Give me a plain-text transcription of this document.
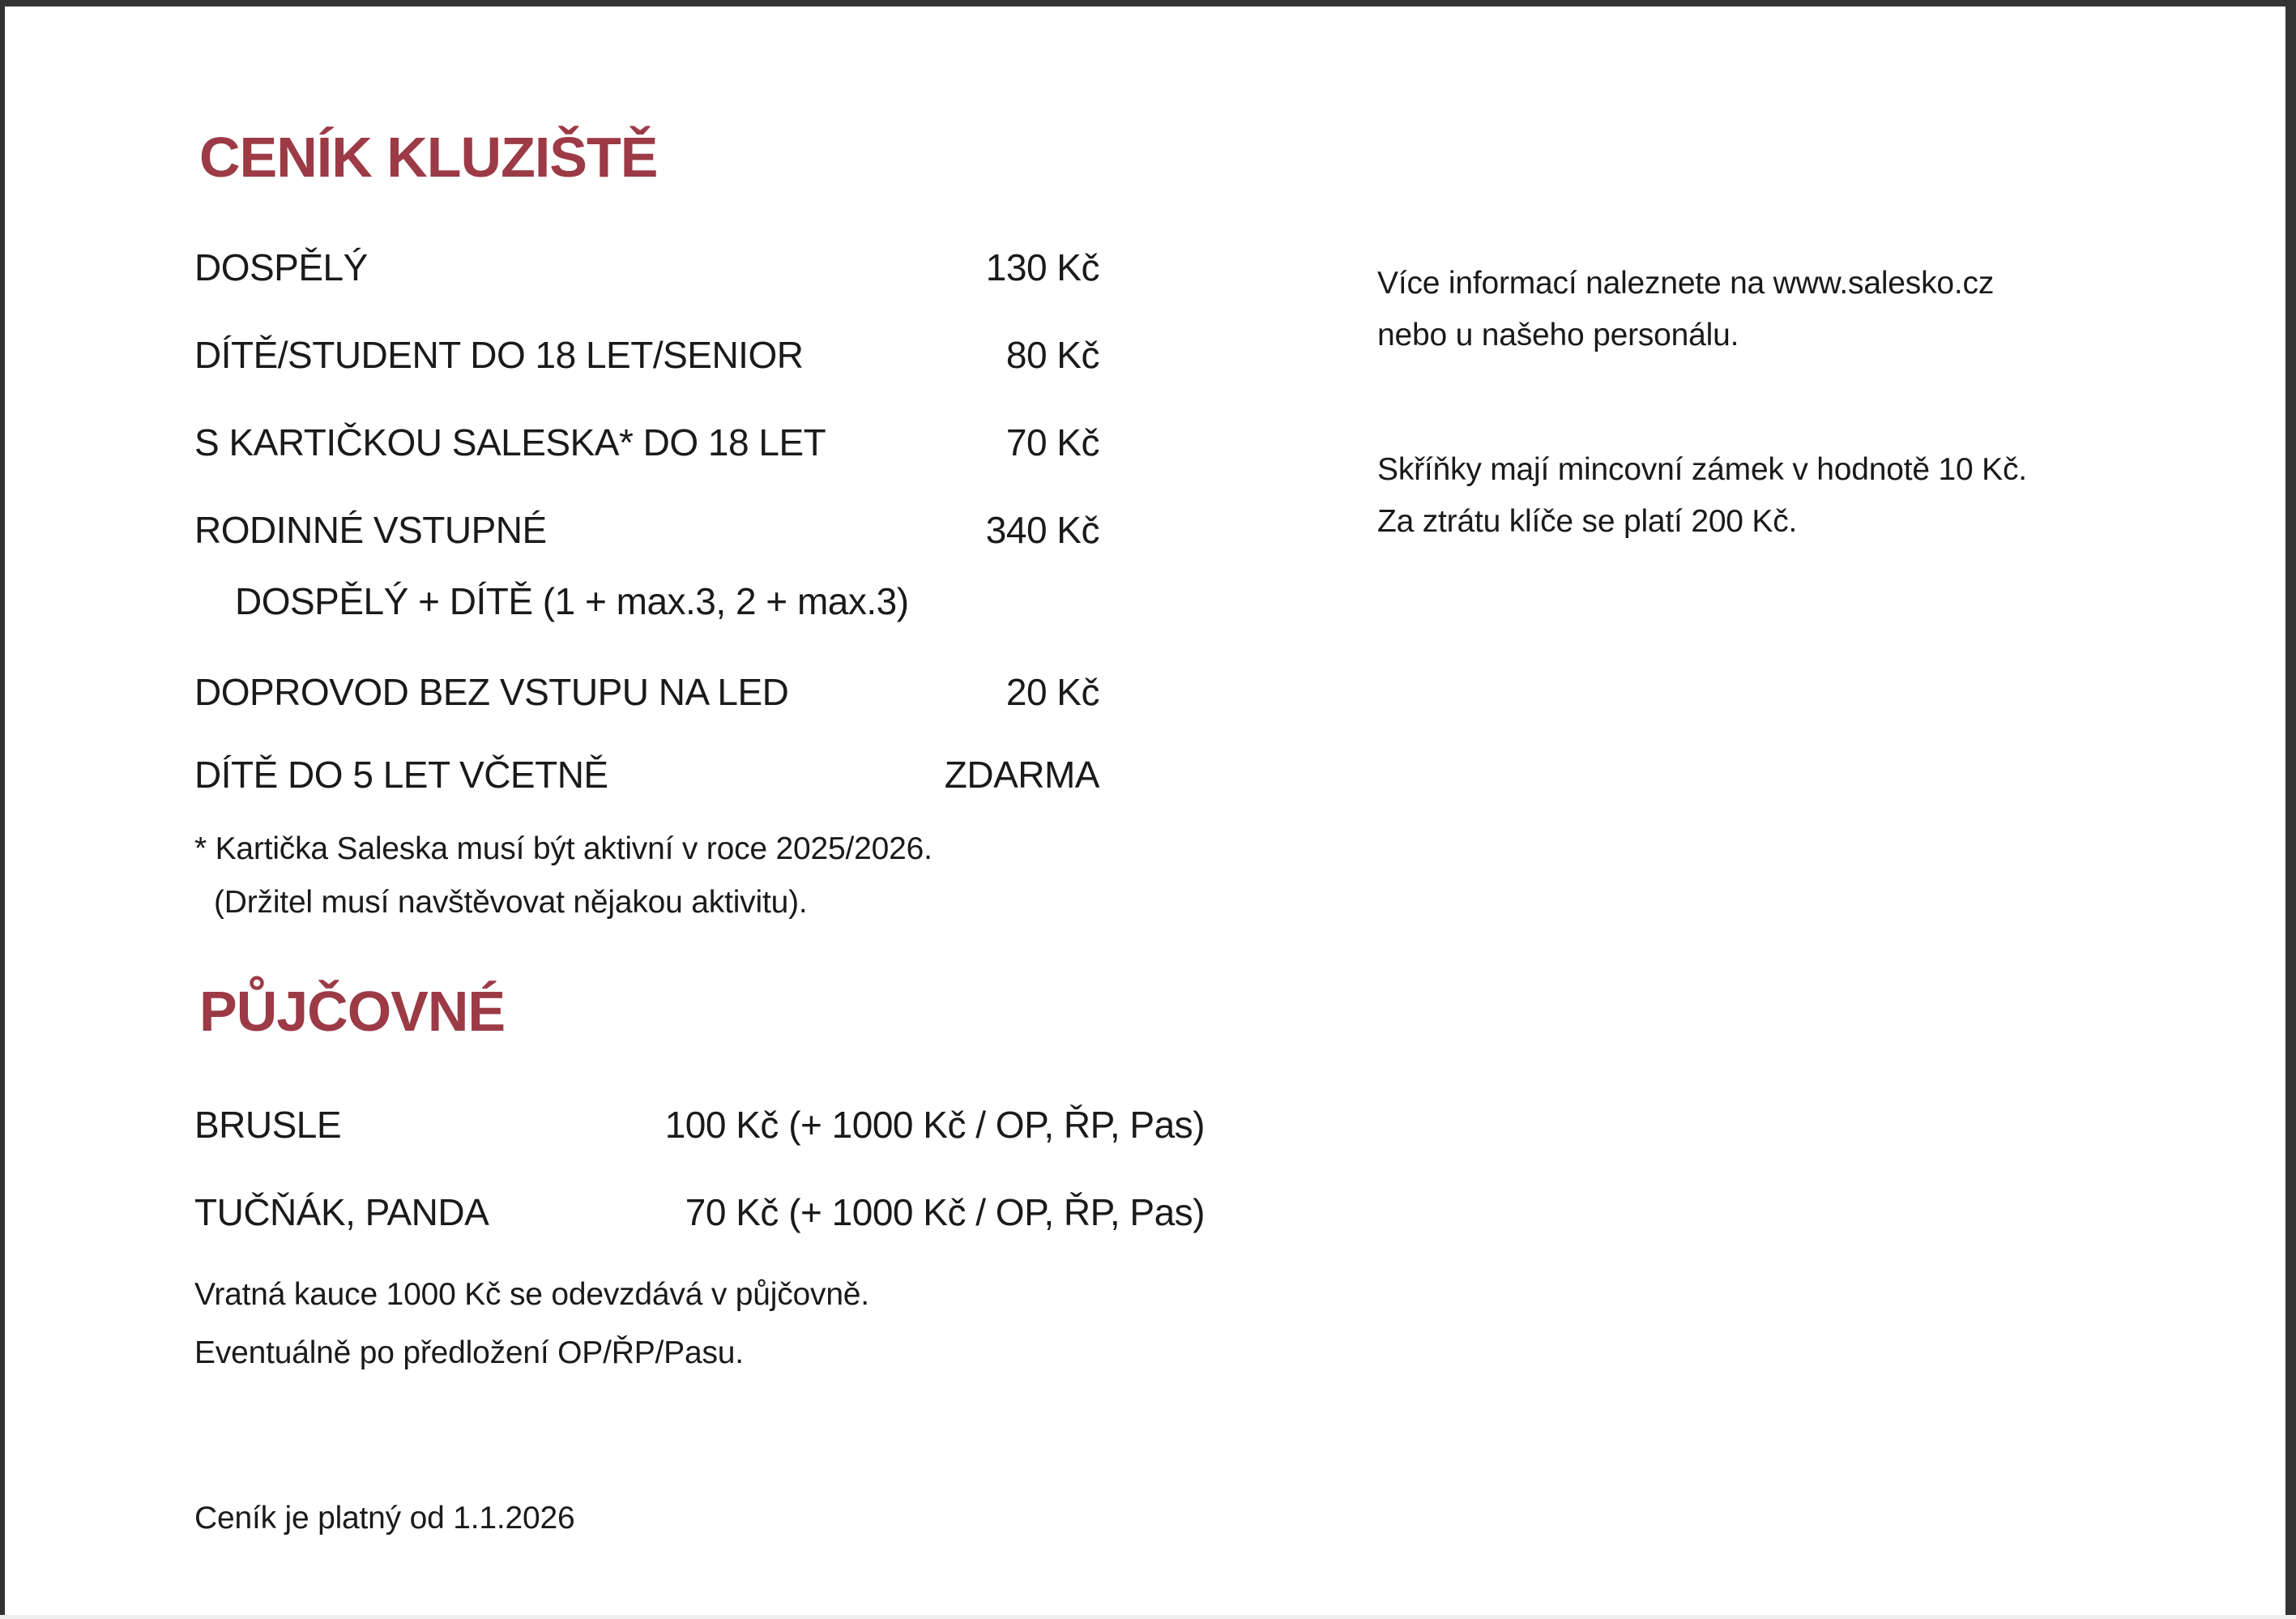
CENÍK KLUZIŠTĚ
DOSPĚLÝ	130 Kč
DÍTĚ/STUDENT DO 18 LET/SENIOR	80 Kč
S KARTIČKOU SALESKA* DO 18 LET	70 Kč
RODINNÉ VSTUPNÉ	340 Kč
DOSPĚLÝ + DÍTĚ (1 + max.3, 2 + max.3)
DOPROVOD BEZ VSTUPU NA LED	20 Kč
DÍTĚ DO 5 LET VČETNĚ	ZDARMA
* Kartička Saleska musí být aktivní v roce 2025/2026.
(Držitel musí navštěvovat nějakou aktivitu).
PŮJČOVNÉ
BRUSLE	100 Kč (+ 1000 Kč / OP, ŘP, Pas)
TUČŇÁK, PANDA	70 Kč (+ 1000 Kč / OP, ŘP, Pas)
Vratná kauce 1000 Kč se odevzdává v půjčovně.
Eventuálně po předložení OP/ŘP/Pasu.
Ceník je platný od 1.1.2026
Více informací naleznete na www.salesko.cz
nebo u našeho personálu.
Skříňky mají mincovní zámek v hodnotě 10 Kč.
Za ztrátu klíče se platí 200 Kč.
